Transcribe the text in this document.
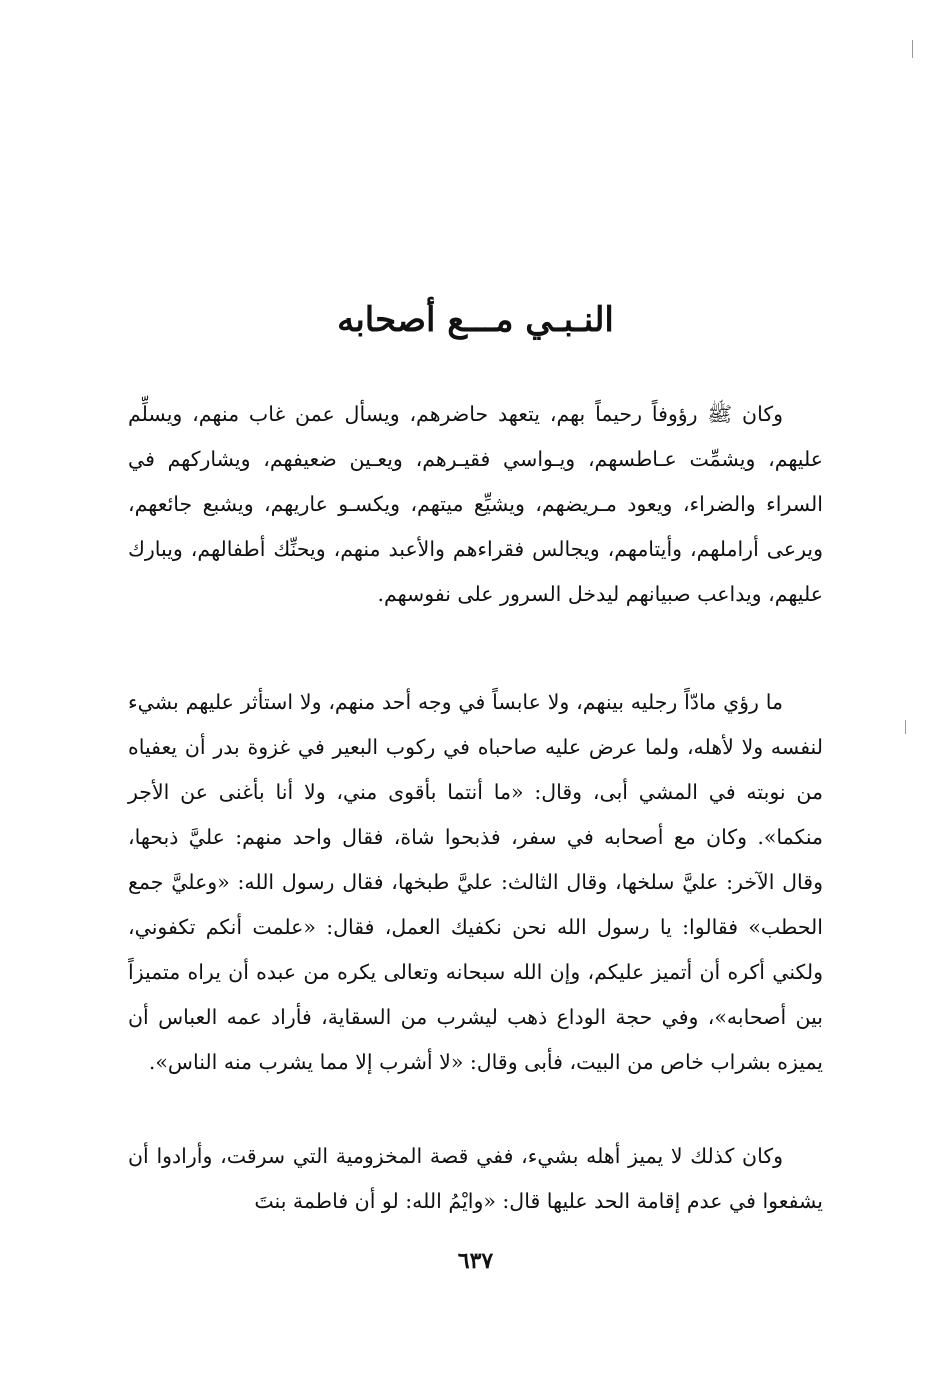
النـبـي مـــع أصحابه

وكان ﷺ رؤوفاً رحيماً بهم، يتعهد حاضرهم، ويسأل عمن غاب منهم، ويسلِّم عليهم، ويشمِّت عـاطسهم، ويـواسي فقيـرهم، ويعـين ضعيفهم، ويشاركهم في السراء والضراء، ويعود مـريضهم، ويشيِّع ميتهم، ويكسـو عاريهم، ويشبع جائعهم، ويرعى أراملهم، وأيتامهم، ويجالس فقراءهم والأعبد منهم، ويحنِّك أطفالهم، ويبارك عليهم، ويداعب صبيانهم ليدخل السرور على نفوسهم.

ما رؤي مادّاً رجليه بينهم، ولا عابساً في وجه أحد منهم، ولا استأثر عليهم بشيء لنفسه ولا لأهله، ولما عرض عليه صاحباه في ركوب البعير في غزوة بدر أن يعفياه من نوبته في المشي أبى، وقال: «ما أنتما بأقوى مني، ولا أنا بأغنى عن الأجر منكما». وكان مع أصحابه في سفر، فذبحوا شاة، فقال واحد منهم: عليَّ ذبحها، وقال الآخر: عليَّ سلخها، وقال الثالث: عليَّ طبخها، فقال رسول الله: «وعليَّ جمع الحطب» فقالوا: يا رسول الله نحن نكفيك العمل، فقال: «علمت أنكم تكفوني، ولكني أكره أن أتميز عليكم، وإن الله سبحانه وتعالى يكره من عبده أن يراه متميزاً بين أصحابه»، وفي حجة الوداع ذهب ليشرب من السقاية، فأراد عمه العباس أن يميزه بشراب خاص من البيت، فأبى وقال: «لا أشرب إلا مما يشرب منه الناس».

وكان كذلك لا يميز أهله بشيء، ففي قصة المخزومية التي سرقت، وأرادوا أن يشفعوا في عدم إقامة الحد عليها قال: «وايْمُ الله: لو أن فاطمة بنتَ

٦٣٧
